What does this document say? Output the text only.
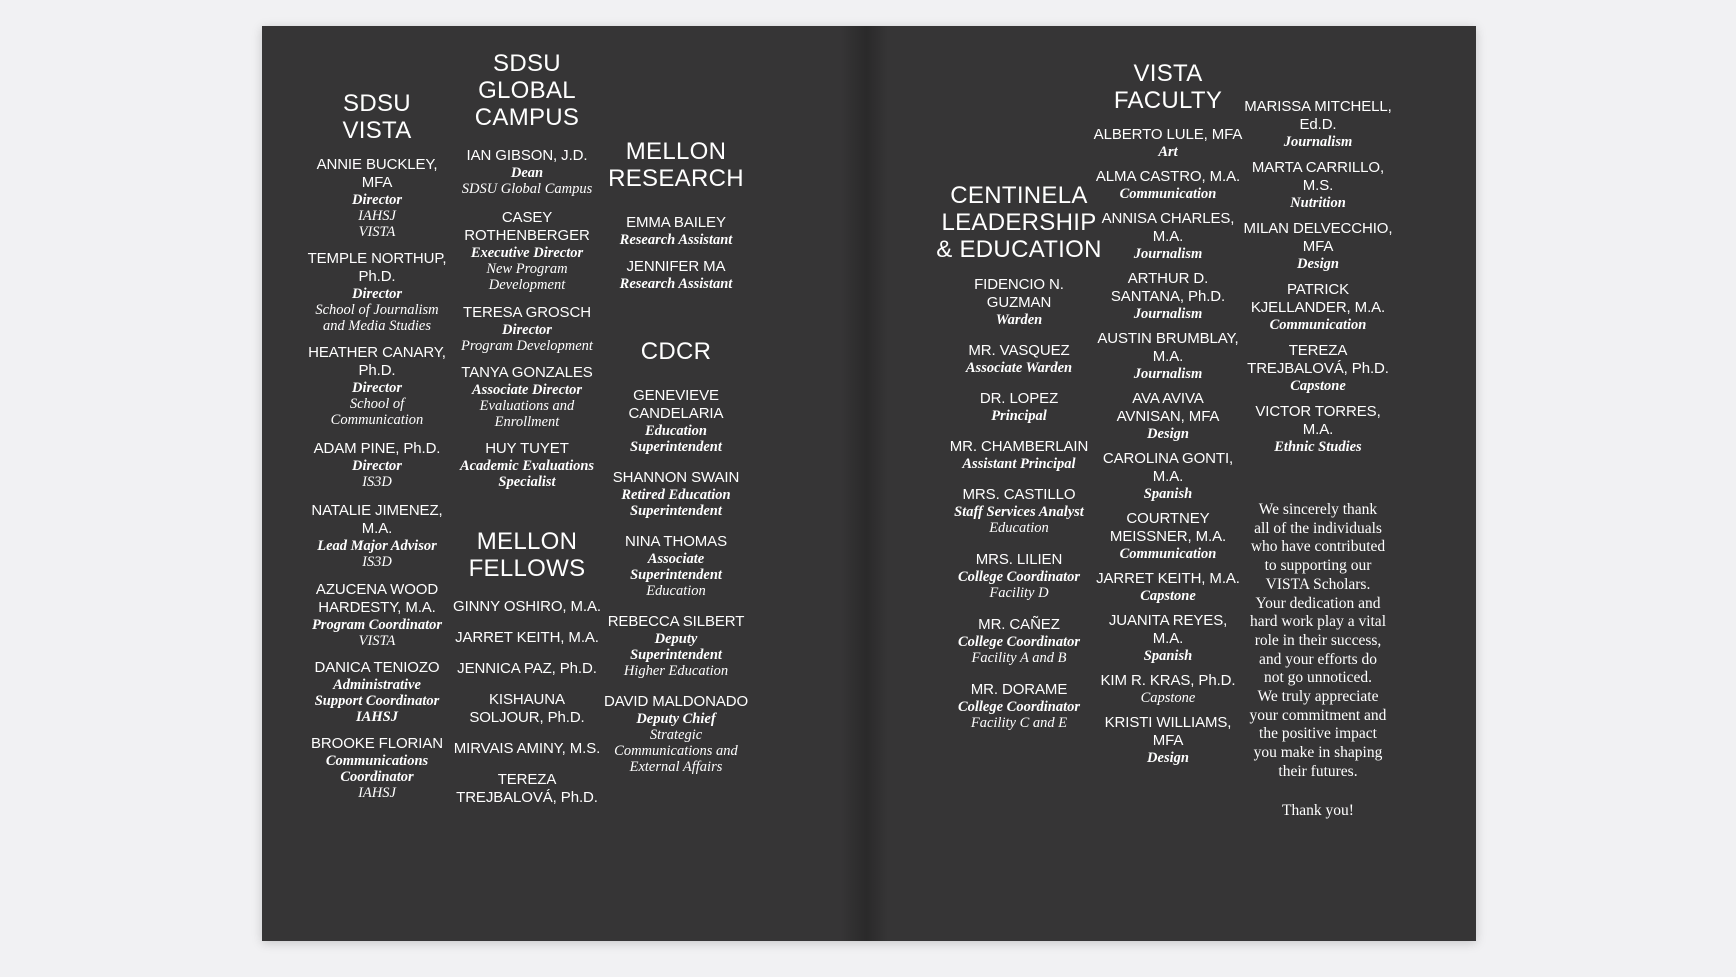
SDSU
VISTA
ANNIE BUCKLEY,
MFA
Director
IAHSJ
VISTA
TEMPLE NORTHUP,
Ph.D.
Director
School of Journalism
and Media Studies
HEATHER CANARY,
Ph.D.
Director
School of
Communication
ADAM PINE, Ph.D.
Director
IS3D
NATALIE JIMENEZ,
M.A.
Lead Major Advisor
IS3D
AZUCENA WOOD
HARDESTY, M.A.
Program Coordinator
VISTA
DANICA TENIOZO
Administrative
Support Coordinator
IAHSJ
BROOKE FLORIAN
Communications
Coordinator
IAHSJ
SDSU
GLOBAL
CAMPUS
IAN GIBSON, J.D.
Dean
SDSU Global Campus
CASEY
ROTHENBERGER
Executive Director
New Program
Development
TERESA GROSCH
Director
Program Development
TANYA GONZALES
Associate Director
Evaluations and
Enrollment
HUY TUYET
Academic Evaluations
Specialist
MELLON
FELLOWS
GINNY OSHIRO, M.A.
JARRET KEITH, M.A.
JENNICA PAZ, Ph.D.
KISHAUNA
SOLJOUR, Ph.D.
MIRVAIS AMINY, M.S.
TEREZA
TREJBALOVÁ, Ph.D.
MELLON
RESEARCH
EMMA BAILEY
Research Assistant
JENNIFER MA
Research Assistant
CDCR
GENEVIEVE
CANDELARIA
Education
Superintendent
SHANNON SWAIN
Retired Education
Superintendent
NINA THOMAS
Associate
Superintendent
Education
REBECCA SILBERT
Deputy
Superintendent
Higher Education
DAVID MALDONADO
Deputy Chief
Strategic
Communications and
External Affairs
CENTINELA
LEADERSHIP
& EDUCATION
FIDENCIO N.
GUZMAN
Warden
MR. VASQUEZ
Associate Warden
DR. LOPEZ
Principal
MR. CHAMBERLAIN
Assistant Principal
MRS. CASTILLO
Staff Services Analyst
Education
MRS. LILIEN
College Coordinator
Facility D
MR. CAÑEZ
College Coordinator
Facility A and B
MR. DORAME
College Coordinator
Facility C and E
VISTA
FACULTY
ALBERTO LULE, MFA
Art
ALMA CASTRO, M.A.
Communication
ANNISA CHARLES,
M.A.
Journalism
ARTHUR D.
SANTANA, Ph.D.
Journalism
AUSTIN BRUMBLAY,
M.A.
Journalism
AVA AVIVA
AVNISAN, MFA
Design
CAROLINA GONTI,
M.A.
Spanish
COURTNEY
MEISSNER, M.A.
Communication
JARRET KEITH, M.A.
Capstone
JUANITA REYES,
M.A.
Spanish
KIM R. KRAS, Ph.D.
Capstone
KRISTI WILLIAMS,
MFA
Design
MARISSA MITCHELL,
Ed.D.
Journalism
MARTA CARRILLO,
M.S.
Nutrition
MILAN DELVECCHIO,
MFA
Design
PATRICK
KJELLANDER, M.A.
Communication
TEREZA
TREJBALOVÁ, Ph.D.
Capstone
VICTOR TORRES,
M.A.
Ethnic Studies
We sincerely thank
all of the individuals
who have contributed
to supporting our
VISTA Scholars.
Your dedication and
hard work play a vital
role in their success,
and your efforts do
not go unnoticed.
We truly appreciate
your commitment and
the positive impact
you make in shaping
their futures.
Thank you!
